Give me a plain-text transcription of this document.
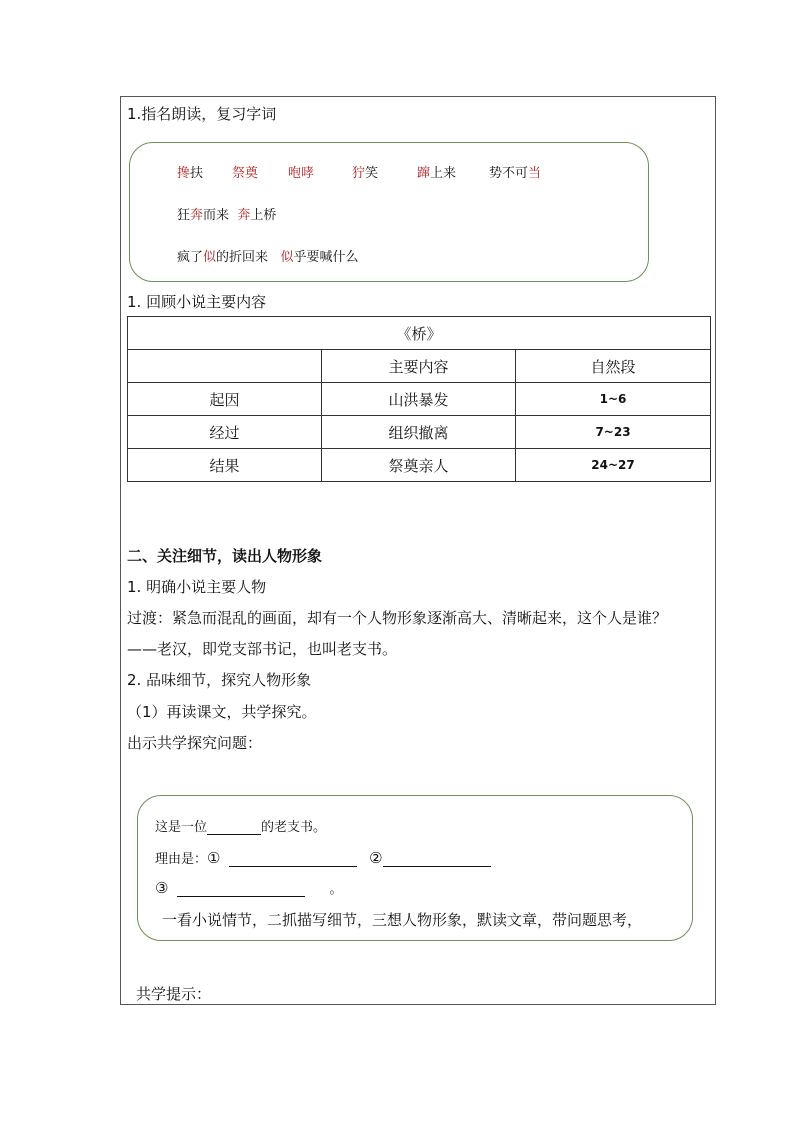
1.指名朗读，复习字词
搀扶 祭奠 咆哮	狞笑	蹿上来	势不可当
狂奔而来 奔上桥
疯了似的折回来 似乎要喊什么
1. 回顾小说主要内容
《桥》		
	主要内容	自然段
起因	山洪暴发	1~6
经过	组织撤离	7~23
结果	祭奠亲人	24~27
二、关注细节，读出人物形象
1. 明确小说主要人物
过渡：紧急而混乱的画面，却有一个人物形象逐渐高大、清晰起来，这个人是谁？
——老汉，即党支部书记，也叫老支书。
2. 品味细节，探究人物形象
（1）再读课文，共学探究。
出示共学探究问题：
这是一位	的老支书。
理由是：①	②
③	。
一看小说情节，二抓描写细节，三想人物形象，默读文章，带问题思考，
共学提示：
